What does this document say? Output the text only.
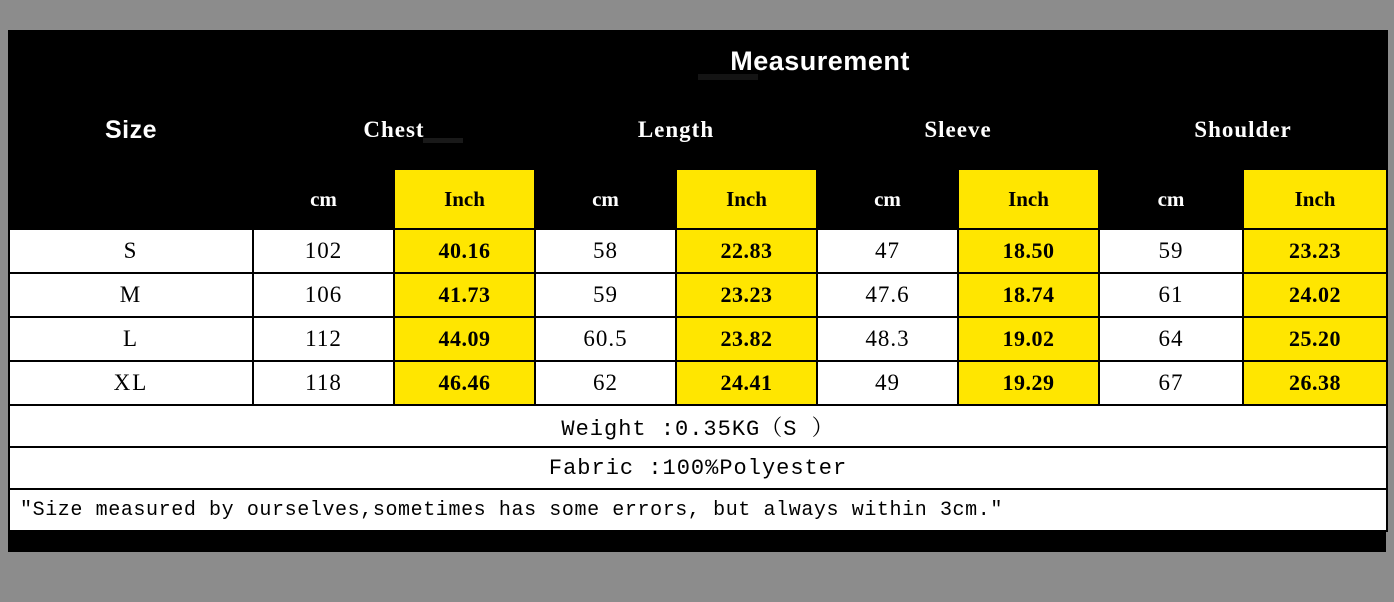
Size	Measurement							
	Chest		Length		Sleeve		Shoulder	
	cm	Inch	cm	Inch	cm	Inch	cm	Inch
S	102	40.16	58	22.83	47	18.50	59	23.23
M	106	41.73	59	23.23	47.6	18.74	61	24.02
L	112	44.09	60.5	23.82	48.3	19.02	64	25.20
XL	118	46.46	62	24.41	49	19.29	67	26.38
Weight :0.35KG（S ）								
Fabric :100%Polyester								
"Size measured by ourselves,sometimes has some errors, but always within 3cm."								
